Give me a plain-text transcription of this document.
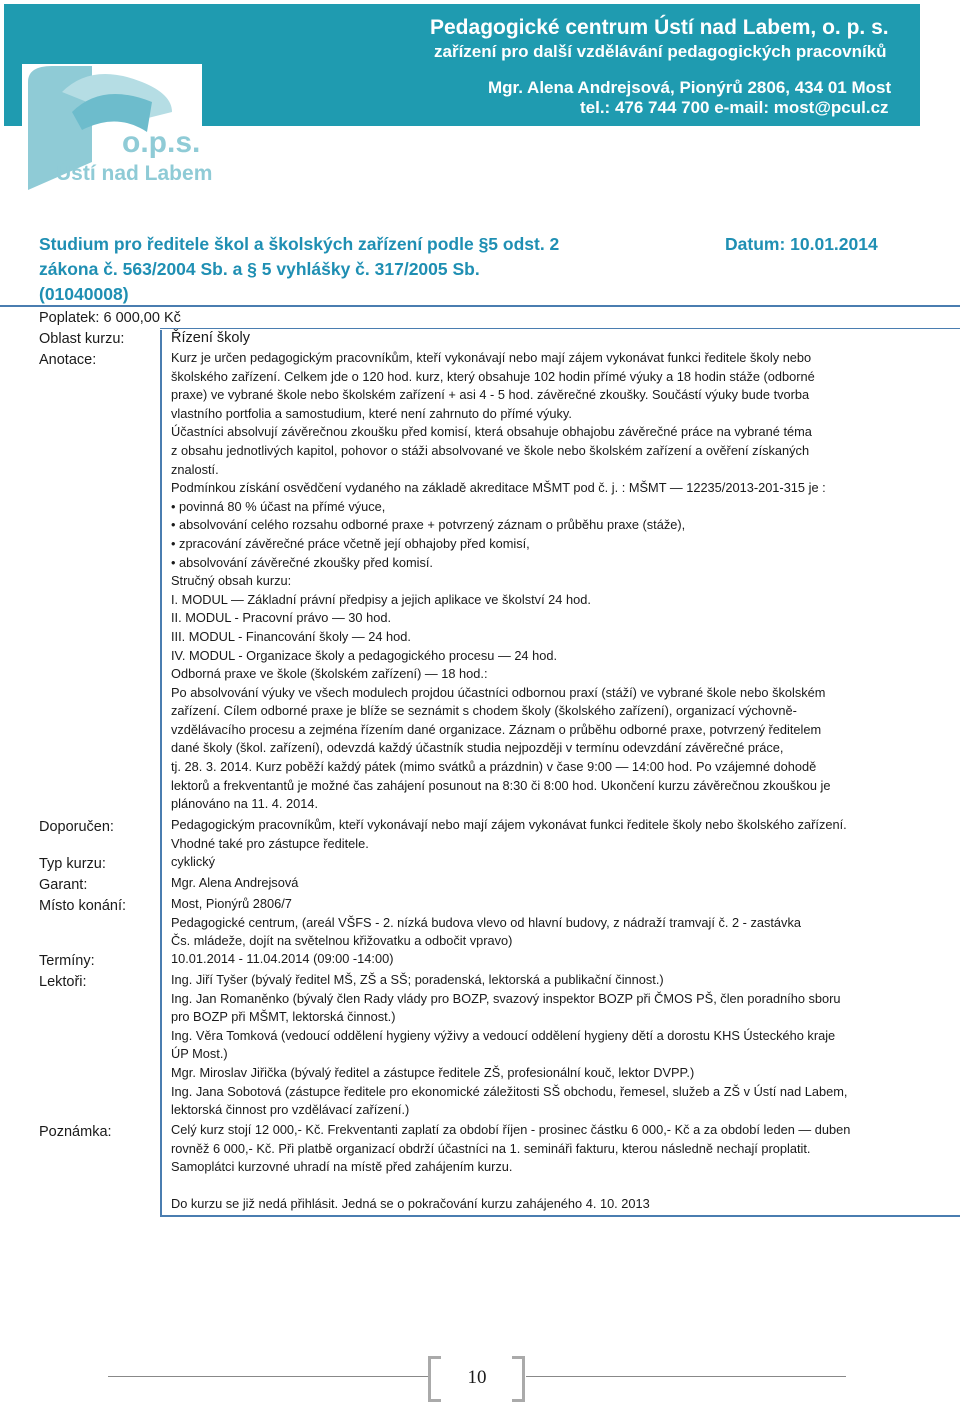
Pedagogické centrum Ústí nad Labem, o. p. s.
zařízení pro další vzdělávání pedagogických pracovníků
Mgr. Alena Andrejsová, Pionýrů 2806, 434 01 Most
tel.: 476 744 700 e-mail: most@pcul.cz
o.p.s.
Ústí nad Labem
Studium pro ředitele škol a školských zařízení podle §5 odst. 2
zákona č. 563/2004 Sb. a § 5 vyhlášky č. 317/2005 Sb.
(01040008)
Datum: 10.01.2014
Poplatek: 6 000,00 Kč
Oblast kurzu:	Řízení školy
Anotace:	Kurz je určen pedagogickým pracovníkům, kteří vykonávají nebo mají zájem vykonávat funkci ředitele školy nebo

školského zařízení. Celkem jde o 120 hod. kurz, který obsahuje 102 hodin přímé výuky a 18 hodin stáže (odborné

praxe) ve vybrané škole nebo školském zařízení + asi 4 - 5 hod. závěrečné zkoušky. Součástí výuky bude tvorba

vlastního portfolia a samostudium, které není zahrnuto do přímé výuky.

Účastníci absolvují závěrečnou zkoušku před komisí, která obsahuje obhajobu závěrečné práce na vybrané téma

z obsahu jednotlivých kapitol, pohovor o stáži absolvované ve škole nebo školském zařízení a ověření získaných

znalostí.

Podmínkou získání osvědčení vydaného na základě akreditace MŠMT pod č. j. : MŠMT — 12235/2013-201-315 je :

• povinná 80 % účast na přímé výuce,

• absolvování celého rozsahu odborné praxe + potvrzený záznam o průběhu praxe (stáže),

• zpracování závěrečné práce včetně její obhajoby před komisí,

• absolvování závěrečné zkoušky před komisí.

Stručný obsah kurzu:

I. MODUL — Základní právní předpisy a jejich aplikace ve školství 24 hod.

II. MODUL - Pracovní právo — 30 hod.

III. MODUL - Financování školy — 24 hod.

IV. MODUL - Organizace školy a pedagogického procesu — 24 hod.

Odborná praxe ve škole (školském zařízení) — 18 hod.:

Po absolvování výuky ve všech modulech projdou účastníci odbornou praxí (stáží) ve vybrané škole nebo školském

zařízení. Cílem odborné praxe je blíže se seznámit s chodem školy (školského zařízení), organizací výchovně-

vzdělávacího procesu a zejména řízením dané organizace. Záznam o průběhu odborné praxe, potvrzený ředitelem

dané školy (škol. zařízení), odevzdá každý účastník studia nejpozději v termínu odevzdání závěrečné práce,

tj. 28. 3. 2014. Kurz poběží každý pátek (mimo svátků a prázdnin) v čase 9:00 — 14:00 hod. Po vzájemné dohodě

lektorů a frekventantů je možné čas zahájení posunout na 8:30 či 8:00 hod. Ukončení kurzu závěrečnou zkouškou je

plánováno na 11. 4. 2014.

Doporučen:	Pedagogickým pracovníkům, kteří vykonávají nebo mají zájem vykonávat funkci ředitele školy nebo školského zařízení.

Vhodné také pro zástupce ředitele.

Typ kurzu:	cyklický
Garant:	Mgr. Alena Andrejsová
Místo konání:	Most, Pionýrů 2806/7

Pedagogické centrum, (areál VŠFS - 2. nízká budova vlevo od hlavní budovy, z nádraží tramvají č. 2 - zastávka

Čs. mládeže, dojít na světelnou křižovatku a odbočit vpravo)

Termíny:	10.01.2014 - 11.04.2014 (09:00 -14:00)
Lektoři:	Ing. Jiří Tyšer (bývalý ředitel MŠ, ZŠ a SŠ; poradenská, lektorská a publikační činnost.)

Ing. Jan Romaněnko (bývalý člen Rady vlády pro BOZP, svazový inspektor BOZP při ČMOS PŠ, člen poradního sboru

pro BOZP při MŠMT, lektorská činnost.)

Ing. Věra Tomková (vedoucí oddělení hygieny výživy a vedoucí oddělení hygieny dětí a dorostu KHS Ústeckého kraje

ÚP Most.)

Mgr. Miroslav Jiřička (bývalý ředitel a zástupce ředitele ZŠ, profesionální kouč, lektor DVPP.)

Ing. Jana Sobotová (zástupce ředitele pro ekonomické záležitosti SŠ obchodu, řemesel, služeb a ZŠ v Ústí nad Labem,

lektorská činnost pro vzdělávací zařízení.)

Poznámka:	Celý kurz stojí 12 000,- Kč. Frekventanti zaplatí za období říjen - prosinec částku 6 000,- Kč a za období leden — duben

rovněž 6 000,- Kč. Při platbě organizací obdrží účastníci na 1. semináři fakturu, kterou následně nechají proplatit.

Samoplátci kurzovné uhradí na místě před zahájením kurzu.

Do kurzu se již nedá přihlásit. Jedná se o pokračování kurzu zahájeného 4. 10. 2013

10
